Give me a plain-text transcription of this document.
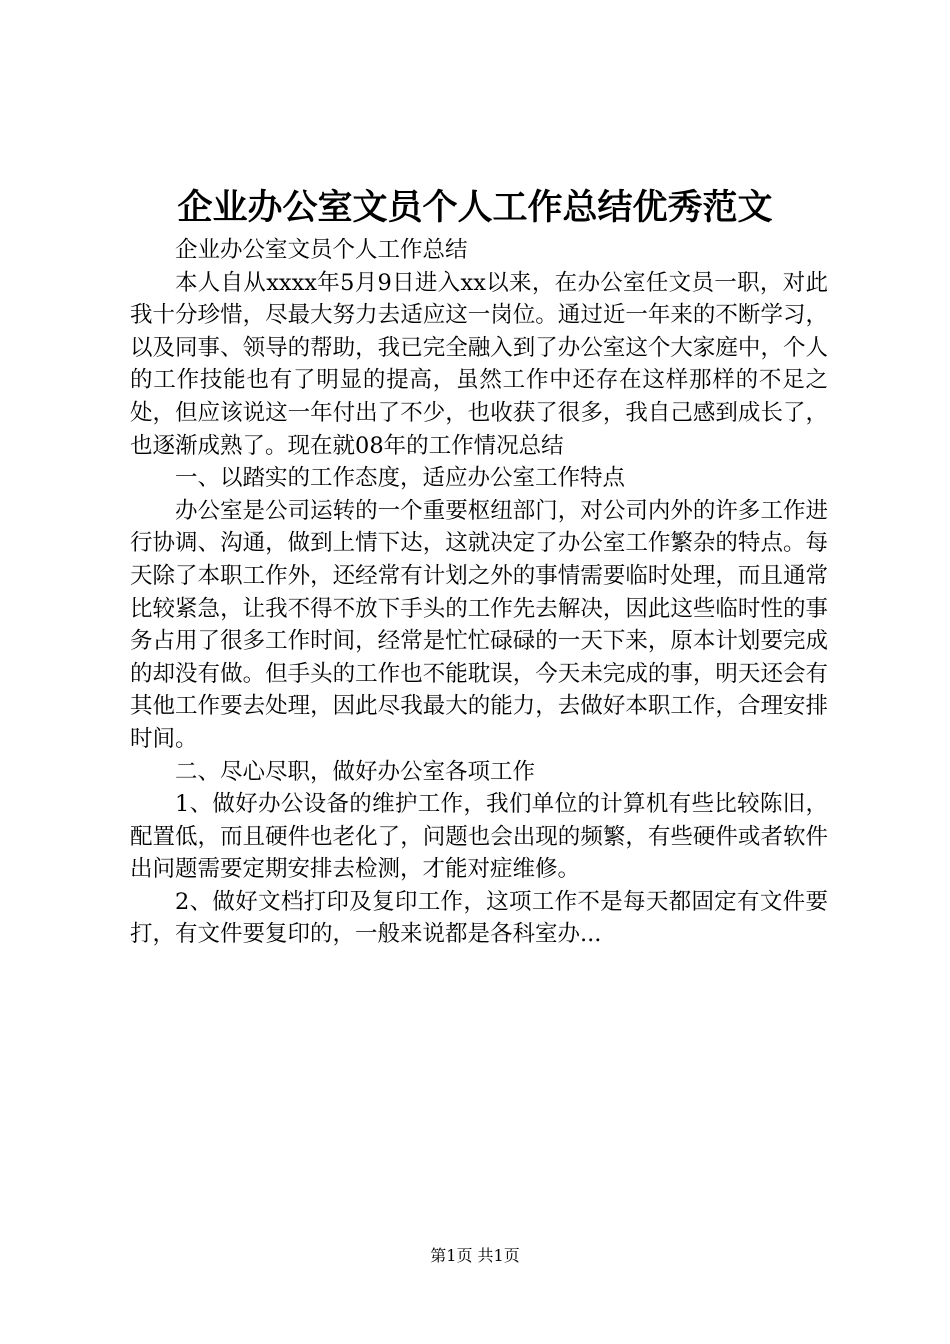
企业办公室文员个人工作总结优秀范文

企业办公室文员个人工作总结

本人自从xxxx年5月9日进入xx以来，在办公室任文员一职，对此我十分珍惜，尽最大努力去适应这一岗位。通过近一年来的不断学习，以及同事、领导的帮助，我已完全融入到了办公室这个大家庭中，个人的工作技能也有了明显的提高，虽然工作中还存在这样那样的不足之处，但应该说这一年付出了不少，也收获了很多，我自己感到成长了，也逐渐成熟了。现在就08年的工作情况总结

一、以踏实的工作态度，适应办公室工作特点

办公室是公司运转的一个重要枢纽部门，对公司内外的许多工作进行协调、沟通，做到上情下达，这就决定了办公室工作繁杂的特点。每天除了本职工作外，还经常有计划之外的事情需要临时处理，而且通常比较紧急，让我不得不放下手头的工作先去解决，因此这些临时性的事务占用了很多工作时间，经常是忙忙碌碌的一天下来，原本计划要完成的却没有做。但手头的工作也不能耽误，今天未完成的事，明天还会有其他工作要去处理，因此尽我最大的能力，去做好本职工作，合理安排时间。

二、尽心尽职，做好办公室各项工作

1、做好办公设备的维护工作，我们单位的计算机有些比较陈旧，配置低，而且硬件也老化了，问题也会出现的频繁，有些硬件或者软件出问题需要定期安排去检测，才能对症维修。

2、做好文档打印及复印工作，这项工作不是每天都固定有文件要打，有文件要复印的，一般来说都是各科室办...

第1页 共1页
